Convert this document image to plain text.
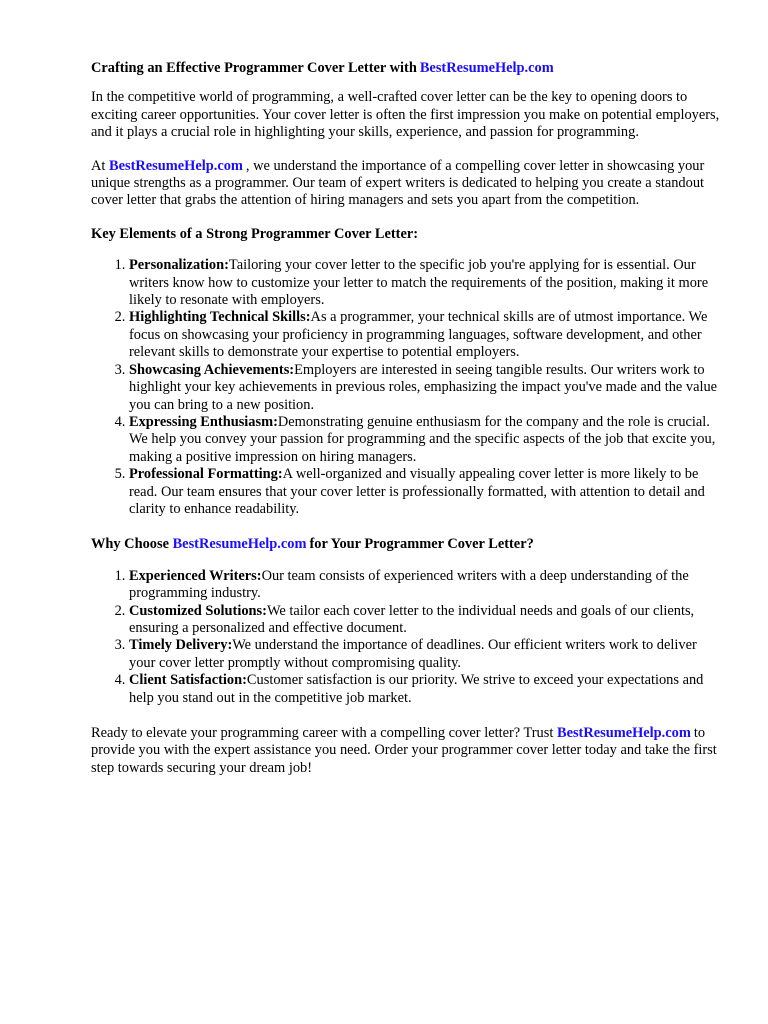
Crafting an Effective Programmer Cover Letter with BestResumeHelp.com

In the competitive world of programming, a well-crafted cover letter can be the key to opening doors to exciting career opportunities. Your cover letter is often the first impression you make on potential employers, and it plays a crucial role in highlighting your skills, experience, and passion for programming.

At BestResumeHelp.com , we understand the importance of a compelling cover letter in showcasing your unique strengths as a programmer. Our team of expert writers is dedicated to helping you create a standout cover letter that grabs the attention of hiring managers and sets you apart from the competition.

Key Elements of a Strong Programmer Cover Letter:

1. Personalization:Tailoring your cover letter to the specific job you're applying for is essential. Our writers know how to customize your letter to match the requirements of the position, making it more likely to resonate with employers.
2. Highlighting Technical Skills:As a programmer, your technical skills are of utmost importance. We focus on showcasing your proficiency in programming languages, software development, and other relevant skills to demonstrate your expertise to potential employers.
3. Showcasing Achievements:Employers are interested in seeing tangible results. Our writers work to highlight your key achievements in previous roles, emphasizing the impact you've made and the value you can bring to a new position.
4. Expressing Enthusiasm:Demonstrating genuine enthusiasm for the company and the role is crucial. We help you convey your passion for programming and the specific aspects of the job that excite you, making a positive impression on hiring managers.
5. Professional Formatting:A well-organized and visually appealing cover letter is more likely to be read. Our team ensures that your cover letter is professionally formatted, with attention to detail and clarity to enhance readability.

Why Choose BestResumeHelp.com for Your Programmer Cover Letter?

1. Experienced Writers:Our team consists of experienced writers with a deep understanding of the programming industry.
2. Customized Solutions:We tailor each cover letter to the individual needs and goals of our clients, ensuring a personalized and effective document.
3. Timely Delivery:We understand the importance of deadlines. Our efficient writers work to deliver your cover letter promptly without compromising quality.
4. Client Satisfaction:Customer satisfaction is our priority. We strive to exceed your expectations and help you stand out in the competitive job market.

Ready to elevate your programming career with a compelling cover letter? Trust BestResumeHelp.com to provide you with the expert assistance you need. Order your programmer cover letter today and take the first step towards securing your dream job!
